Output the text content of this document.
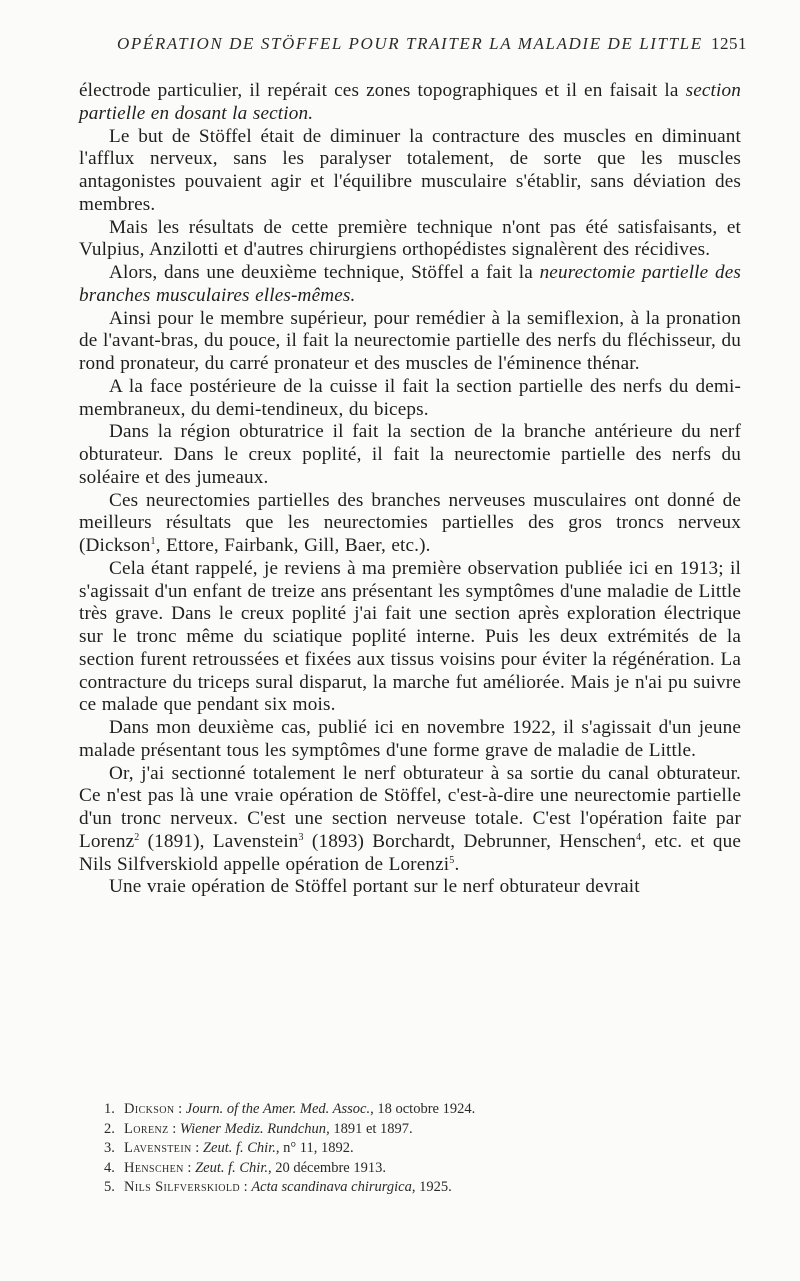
OPÉRATION DE STÖFFEL POUR TRAITER LA MALADIE DE LITTLE 1251

électrode particulier, il repérait ces zones topographiques et il en faisait la section partielle en dosant la section.

Le but de Stöffel était de diminuer la contracture des muscles en diminuant l'afflux nerveux, sans les paralyser totalement, de sorte que les muscles antagonistes pouvaient agir et l'équilibre musculaire s'établir, sans déviation des membres.

Mais les résultats de cette première technique n'ont pas été satisfaisants, et Vulpius, Anzilotti et d'autres chirurgiens orthopédistes signalèrent des récidives.

Alors, dans une deuxième technique, Stöffel a fait la neurectomie partielle des branches musculaires elles-mêmes.

Ainsi pour le membre supérieur, pour remédier à la semiflexion, à la pronation de l'avant-bras, du pouce, il fait la neurectomie partielle des nerfs du fléchisseur, du rond pronateur, du carré pronateur et des muscles de l'éminence thénar.

A la face postérieure de la cuisse il fait la section partielle des nerfs du demi-membraneux, du demi-tendineux, du biceps.

Dans la région obturatrice il fait la section de la branche antérieure du nerf obturateur. Dans le creux poplité, il fait la neurectomie partielle des nerfs du soléaire et des jumeaux.

Ces neurectomies partielles des branches nerveuses musculaires ont donné de meilleurs résultats que les neurectomies partielles des gros troncs nerveux (Dickson$^1$, Ettore, Fairbank, Gill, Baer, etc.).

Cela étant rappelé, je reviens à ma première observation publiée ici en 1913; il s'agissait d'un enfant de treize ans présentant les symptômes d'une maladie de Little très grave. Dans le creux poplité j'ai fait une section après exploration électrique sur le tronc même du sciatique poplité interne. Puis les deux extrémités de la section furent retroussées et fixées aux tissus voisins pour éviter la régénération. La contracture du triceps sural disparut, la marche fut améliorée. Mais je n'ai pu suivre ce malade que pendant six mois.

Dans mon deuxième cas, publié ici en novembre 1922, il s'agissait d'un jeune malade présentant tous les symptômes d'une forme grave de maladie de Little.

Or, j'ai sectionné totalement le nerf obturateur à sa sortie du canal obturateur. Ce n'est pas là une vraie opération de Stöffel, c'est-à-dire une neurectomie partielle d'un tronc nerveux. C'est une section nerveuse totale. C'est l'opération faite par Lorenz$^2$ (1891), Lavenstein$^3$ (1893) Borchardt, Debrunner, Henschen$^4$, etc. et que Nils Silfverskiold appelle opération de Lorenzi$^5$.

Une vraie opération de Stöffel portant sur le nerf obturateur devrait

1. Dickson : Journ. of the Amer. Med. Assoc., 18 octobre 1924.
2. Lorenz : Wiener Mediz. Rundchun, 1891 et 1897.
3. Lavenstein : Zeut. f. Chir., n° 11, 1892.
4. Henschen : Zeut. f. Chir., 20 décembre 1913.
5. Nils Silfverskiold : Acta scandinava chirurgica, 1925.
